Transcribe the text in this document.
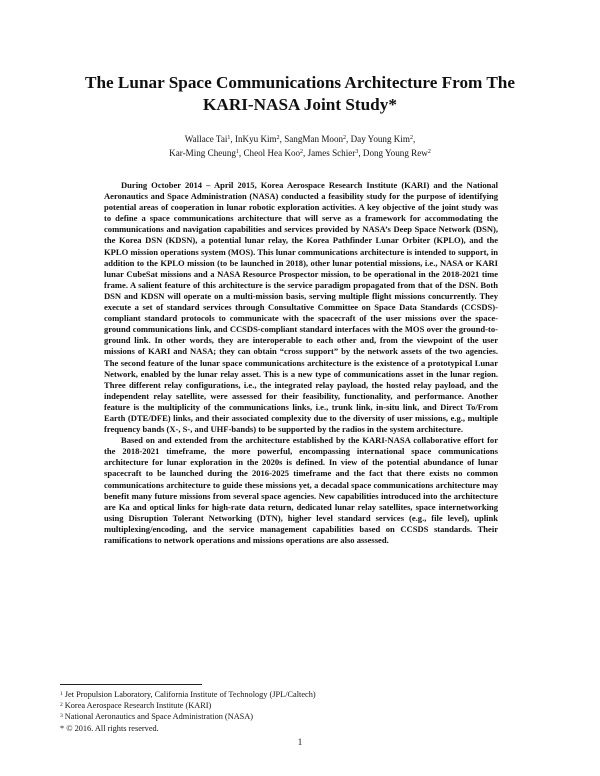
The Lunar Space Communications Architecture From The KARI-NASA Joint Study*
Wallace Tai$^1$, InKyu Kim$^2$, SangMan Moon$^2$, Day Young Kim$^2$,
Kar-Ming Cheung$^1$, Cheol Hea Koo$^2$, James Schier$^3$, Dong Young Rew$^2$

During October 2014 – April 2015, Korea Aerospace Research Institute (KARI) and the National Aeronautics and Space Administration (NASA) conducted a feasibility study for the purpose of identifying potential areas of cooperation in lunar robotic exploration activities. A key objective of the joint study was to define a space communications architecture that will serve as a framework for accommodating the communications and navigation capabilities and services provided by NASA’s Deep Space Network (DSN), the Korea DSN (KDSN), a potential lunar relay, the Korea Pathfinder Lunar Orbiter (KPLO), and the KPLO mission operations system (MOS). This lunar communications architecture is intended to support, in addition to the KPLO mission (to be launched in 2018), other lunar potential missions, i.e., NASA or KARI lunar CubeSat missions and a NASA Resource Prospector mission, to be operational in the 2018-2021 time frame. A salient feature of this architecture is the service paradigm propagated from that of the DSN. Both DSN and KDSN will operate on a multi-mission basis, serving multiple flight missions concurrently. They execute a set of standard services through Consultative Committee on Space Data Standards (CCSDS)-compliant standard protocols to communicate with the spacecraft of the user missions over the space-ground communications link, and CCSDS-compliant standard interfaces with the MOS over the ground-to-ground link. In other words, they are interoperable to each other and, from the viewpoint of the user missions of KARI and NASA; they can obtain “cross support” by the network assets of the two agencies. The second feature of the lunar space communications architecture is the existence of a prototypical Lunar Network, enabled by the lunar relay asset. This is a new type of communications asset in the lunar region. Three different relay configurations, i.e., the integrated relay payload, the hosted relay payload, and the independent relay satellite, were assessed for their feasibility, functionality, and performance. Another feature is the multiplicity of the communications links, i.e., trunk link, in-situ link, and Direct To/From Earth (DTE/DFE) links, and their associated complexity due to the diversity of user missions, e.g., multiple frequency bands (X-, S-, and UHF-bands) to be supported by the radios in the system architecture.

Based on and extended from the architecture established by the KARI-NASA collaborative effort for the 2018-2021 timeframe, the more powerful, encompassing international space communications architecture for lunar exploration in the 2020s is defined. In view of the potential abundance of lunar spacecraft to be launched during the 2016-2025 timeframe and the fact that there exists no common communications architecture to guide these missions yet, a decadal space communications architecture may benefit many future missions from several space agencies. New capabilities introduced into the architecture are Ka and optical links for high-rate data return, dedicated lunar relay satellites, space internetworking using Disruption Tolerant Networking (DTN), higher level standard services (e.g., file level), uplink multiplexing/encoding, and the service management capabilities based on CCSDS standards. Their ramifications to network operations and missions operations are also assessed.

$^1$ Jet Propulsion Laboratory, California Institute of Technology (JPL/Caltech)
$^2$ Korea Aerospace Research Institute (KARI)
$^3$ National Aeronautics and Space Administration (NASA)
* © 2016. All rights reserved.
1
